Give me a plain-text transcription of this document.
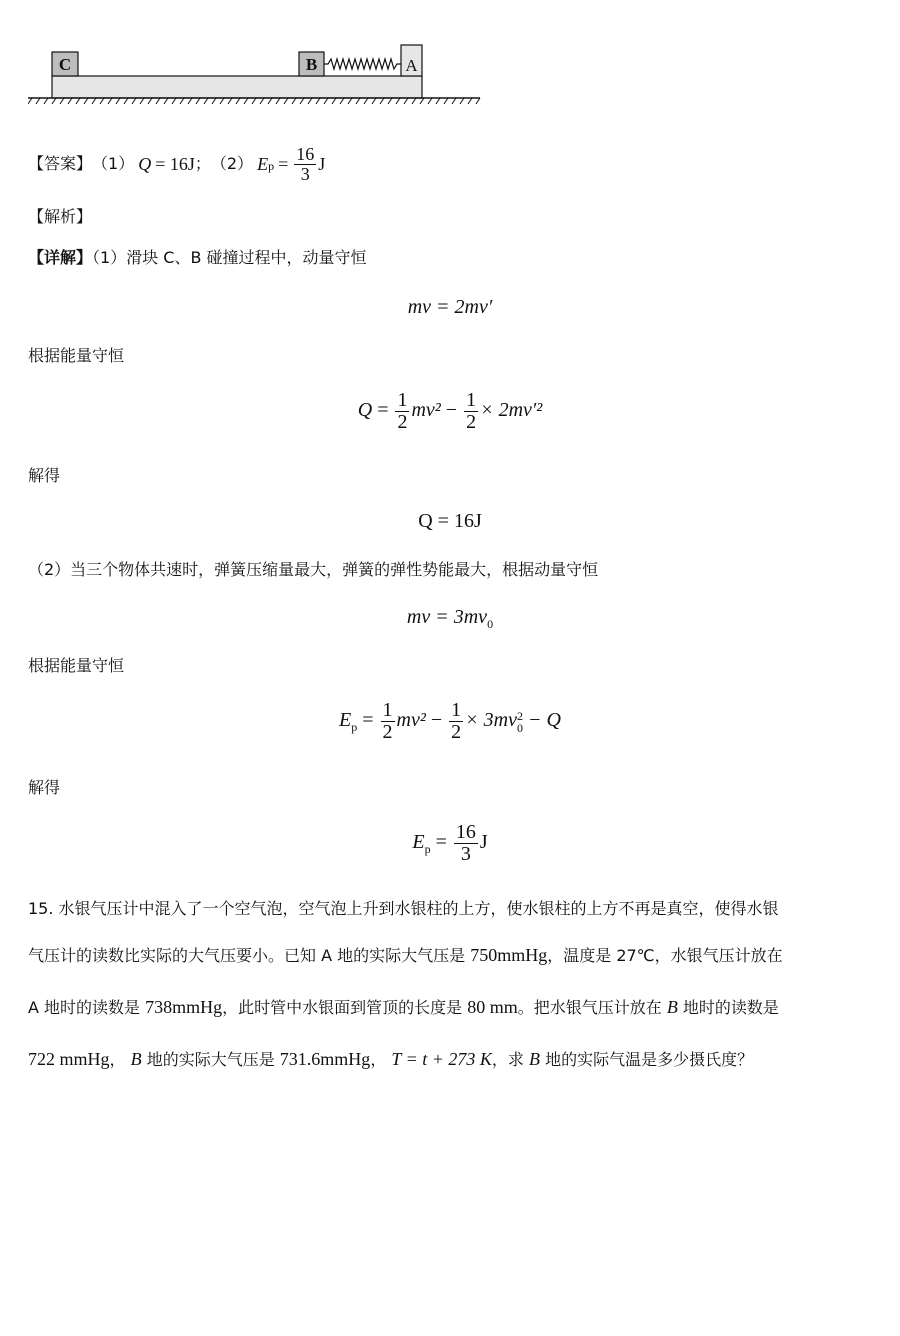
C	B	A
【答案】 （1） Q = 16J ； （2） E $p = \frac{16}{3}$ J
【解析】
【详解】（1）滑块 C、B 碰撞过程中，动量守恒
mv = 2mv′
根据能量守恒
$Q = \frac{1}{2} mv^2 - \frac{1}{2} \times 2mv'^2$
解得
Q = 16J
（2）当三个物体共速时，弹簧压缩量最大，弹簧的弹性势能最大，根据动量守恒
mv = $3mv_0$
根据能量守恒
$E_p = \frac{1}{2} mv^2 - \frac{1}{2} \times 3mv$ 2
0 − Q
解得
$E_p = \frac{16}{3}$ J
15. 水银气压计中混入了一个空气泡，空气泡上升到水银柱的上方，使水银柱的上方不再是真空，使得水银
气压计的读数比实际的大气压要小。已知 A 地的实际大气压是 750mmHg，温度是 27℃，水银气压计放在
A 地时的读数是 738mmHg，此时管中水银面到管顶的长度是 80 mm。把水银气压计放在 B 地时的读数是
722 mmHg， B 地的实际大气压是 731.6mmHg， T = t + 273 K，求 B 地的实际气温是多少摄氏度？
